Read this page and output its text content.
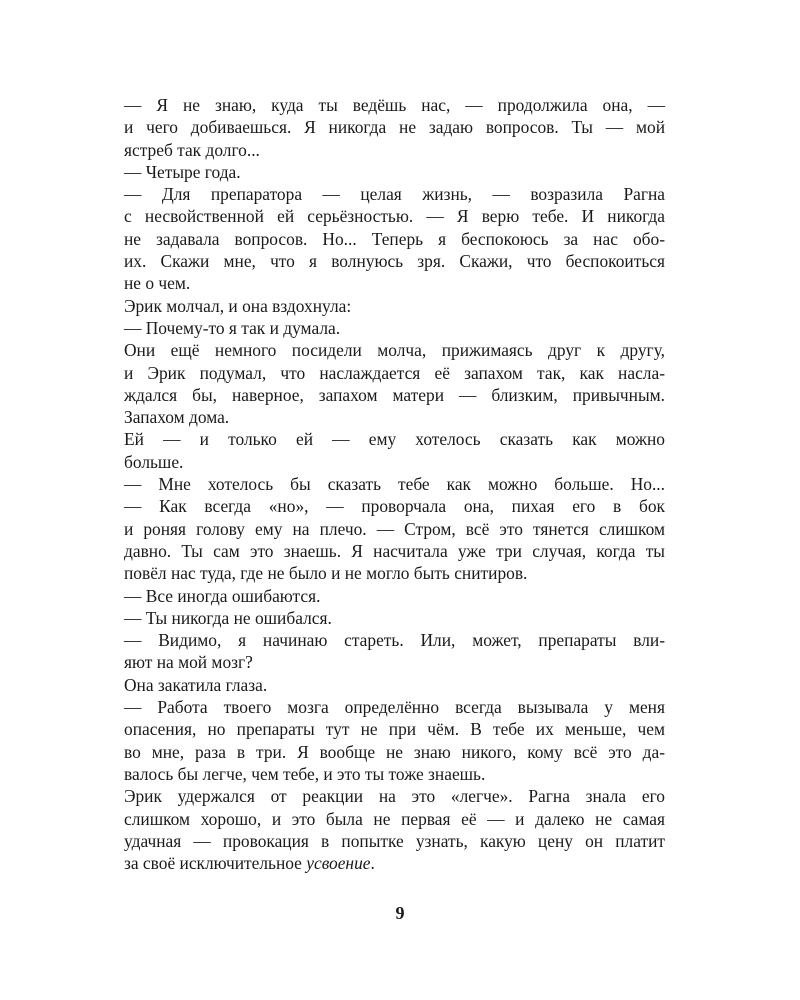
— Я не знаю, куда ты ведёшь нас, — продолжила она, —
и чего добиваешься. Я никогда не задаю вопросов. Ты — мой
ястреб так долго...
— Четыре года.
— Для препаратора — целая жизнь, — возразила Рагна
с несвойственной ей серьёзностью. — Я верю тебе. И никогда
не задавала вопросов. Но... Теперь я беспокоюсь за нас обо-
их. Скажи мне, что я волнуюсь зря. Скажи, что беспокоиться
не о чем.
Эрик молчал, и она вздохнула:
— Почему-то я так и думала.
Они ещё немного посидели молча, прижимаясь друг к другу,
и Эрик подумал, что наслаждается её запахом так, как насла-
ждался бы, наверное, запахом матери — близким, привычным.
Запахом дома.
Ей — и только ей — ему хотелось сказать как можно
больше.
— Мне хотелось бы сказать тебе как можно больше. Но...
— Как всегда «но», — проворчала она, пихая его в бок
и роняя голову ему на плечо. — Стром, всё это тянется слишком
давно. Ты сам это знаешь. Я насчитала уже три случая, когда ты
повёл нас туда, где не было и не могло быть снитиров.
— Все иногда ошибаются.
— Ты никогда не ошибался.
— Видимо, я начинаю стареть. Или, может, препараты вли-
яют на мой мозг?
Она закатила глаза.
— Работа твоего мозга определённо всегда вызывала у меня
опасения, но препараты тут не при чём. В тебе их меньше, чем
во мне, раза в три. Я вообще не знаю никого, кому всё это да-
валось бы легче, чем тебе, и это ты тоже знаешь.
Эрик удержался от реакции на это «легче». Рагна знала его
слишком хорошо, и это была не первая её — и далеко не самая
удачная — провокация в попытке узнать, какую цену он платит
за своё исключительное усвоение.
9
